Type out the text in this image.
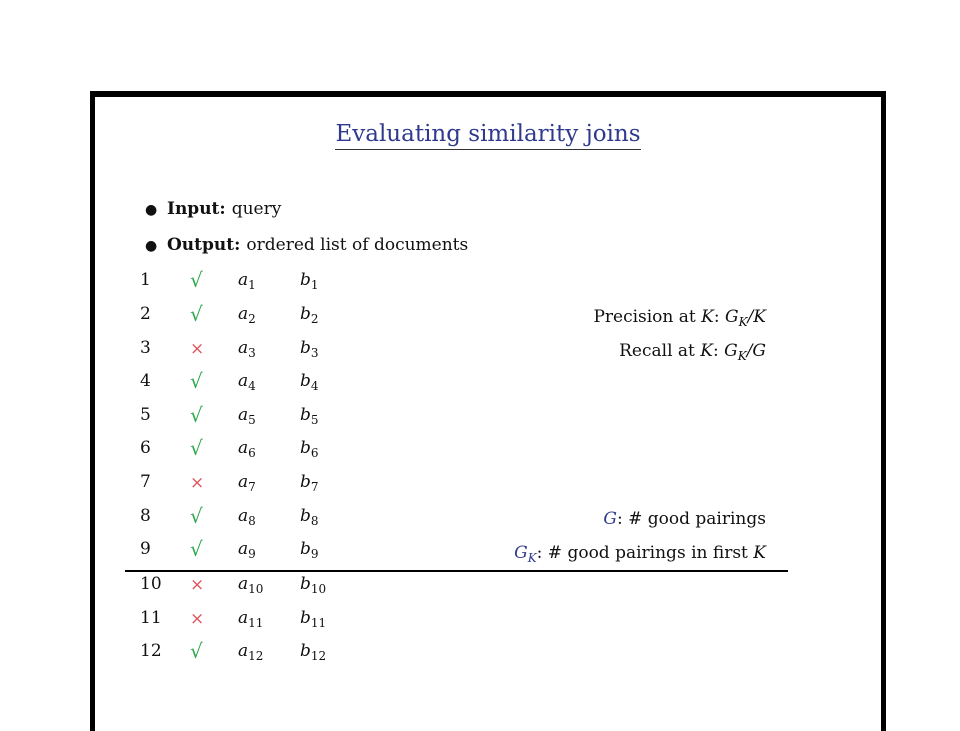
Evaluating similarity joins
● Input: query
● Output: ordered list of documents
1 √ $a_1$	$b_1$
2 √ $a_2$	$b_2$
$3 \times a_3$	$b_3$
4 √ $a_4$	$b_4$
5 √ $a_5$	$b_5$
6 √ $a_6$	$b_6$
$7 \times a_7$	$b_7$
8 √ $a_8$	$b_8$
9 √ $a_9$	$b_9$
$10 \times a_{10}$ $b_{10}$
$11 \times a_{11}$ $b_{11}$
12 √ $a_{12}$ $b_{12}$
Precision at K: $G_K/K$
Recall at K: $G_K/G$
G: # good pairings
$G_K$: # good pairings in first K
